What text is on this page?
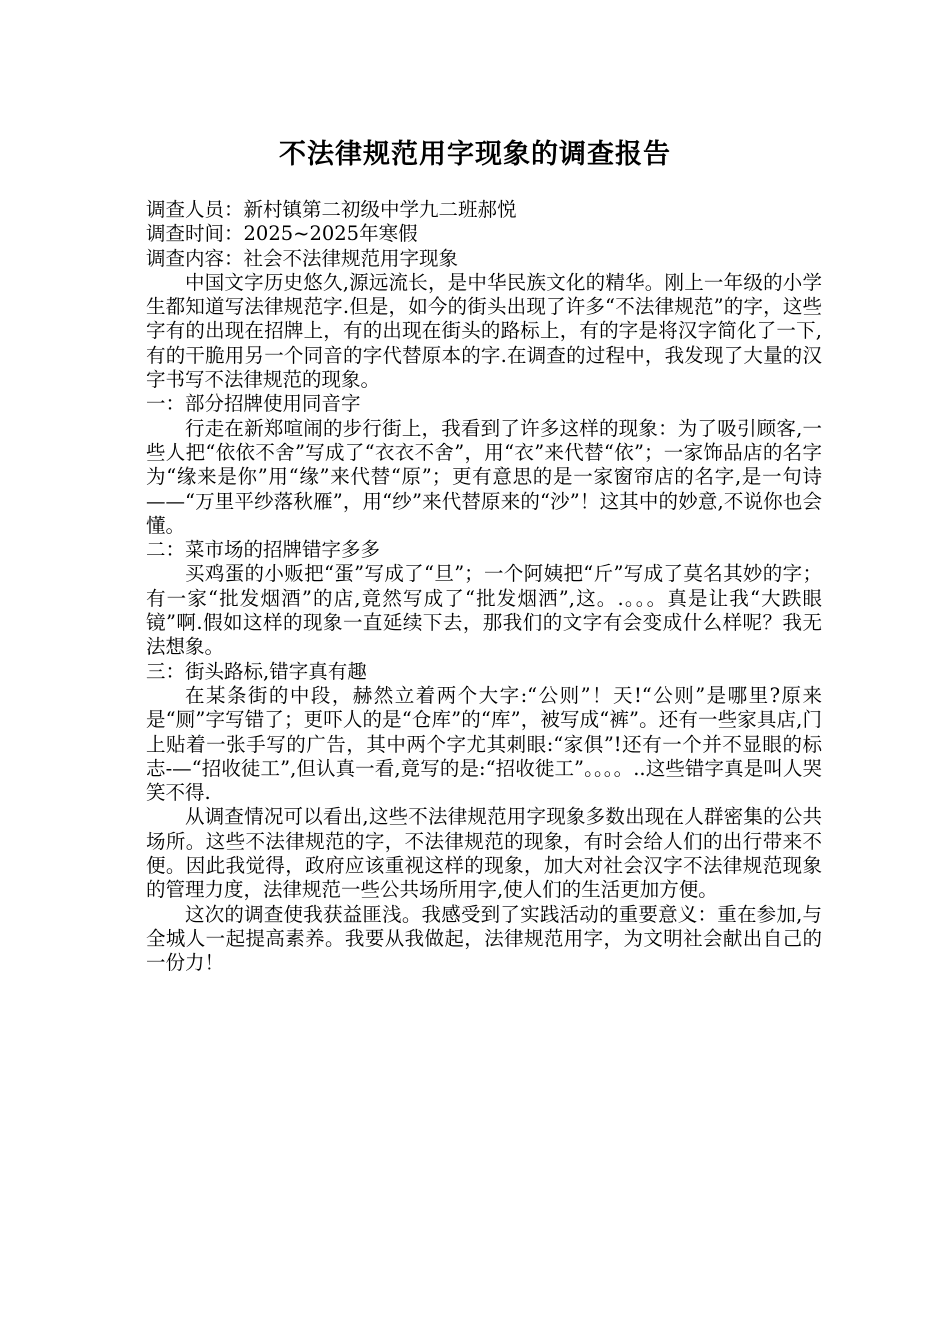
不法律规范用字现象的调查报告

调查人员：新村镇第二初级中学九二班郝悦

调查时间：2025~2025年寒假

调查内容：社会不法律规范用字现象

中国文字历史悠久,源远流长，是中华民族文化的精华。刚上一年级的小学生都知道写法律规范字.但是，如今的街头出现了许多“不法律规范”的字，这些字有的出现在招牌上，有的出现在街头的路标上，有的字是将汉字简化了一下,有的干脆用另一个同音的字代替原本的字.在调查的过程中，我发现了大量的汉字书写不法律规范的现象。

一：部分招牌使用同音字

行走在新郑喧闹的步行街上，我看到了许多这样的现象：为了吸引顾客,一些人把“依依不舍”写成了“衣衣不舍”，用“衣”来代替“依”；一家饰品店的名字为“缘来是你”用“缘”来代替“原”；更有意思的是一家窗帘店的名字,是一句诗——“万里平纱落秋雁”，用“纱”来代替原来的“沙”！这其中的妙意,不说你也会懂。

二：菜市场的招牌错字多多

买鸡蛋的小贩把“蛋”写成了“旦”；一个阿姨把“斤”写成了莫名其妙的字；有一家“批发烟酒”的店,竟然写成了“批发烟洒”,这。.。。。真是让我“大跌眼镜”啊.假如这样的现象一直延续下去，那我们的文字有会变成什么样呢？我无法想象。

三：街头路标,错字真有趣

在某条街的中段，赫然立着两个大字:“公则”！天!“公则”是哪里?原来是“厕”字写错了；更吓人的是“仓库”的“库”，被写成“裤”。还有一些家具店,门上贴着一张手写的广告，其中两个字尤其刺眼:“家俱”!还有一个并不显眼的标志-—“招收徒工”,但认真一看,竟写的是:“招收徙工”。。。。..这些错字真是叫人哭笑不得.

从调查情况可以看出,这些不法律规范用字现象多数出现在人群密集的公共场所。这些不法律规范的字，不法律规范的现象，有时会给人们的出行带来不便。因此我觉得，政府应该重视这样的现象，加大对社会汉字不法律规范现象的管理力度，法律规范一些公共场所用字,使人们的生活更加方便。

这次的调查使我获益匪浅。我感受到了实践活动的重要意义：重在参加,与全城人一起提高素养。我要从我做起，法律规范用字，为文明社会献出自己的一份力！
